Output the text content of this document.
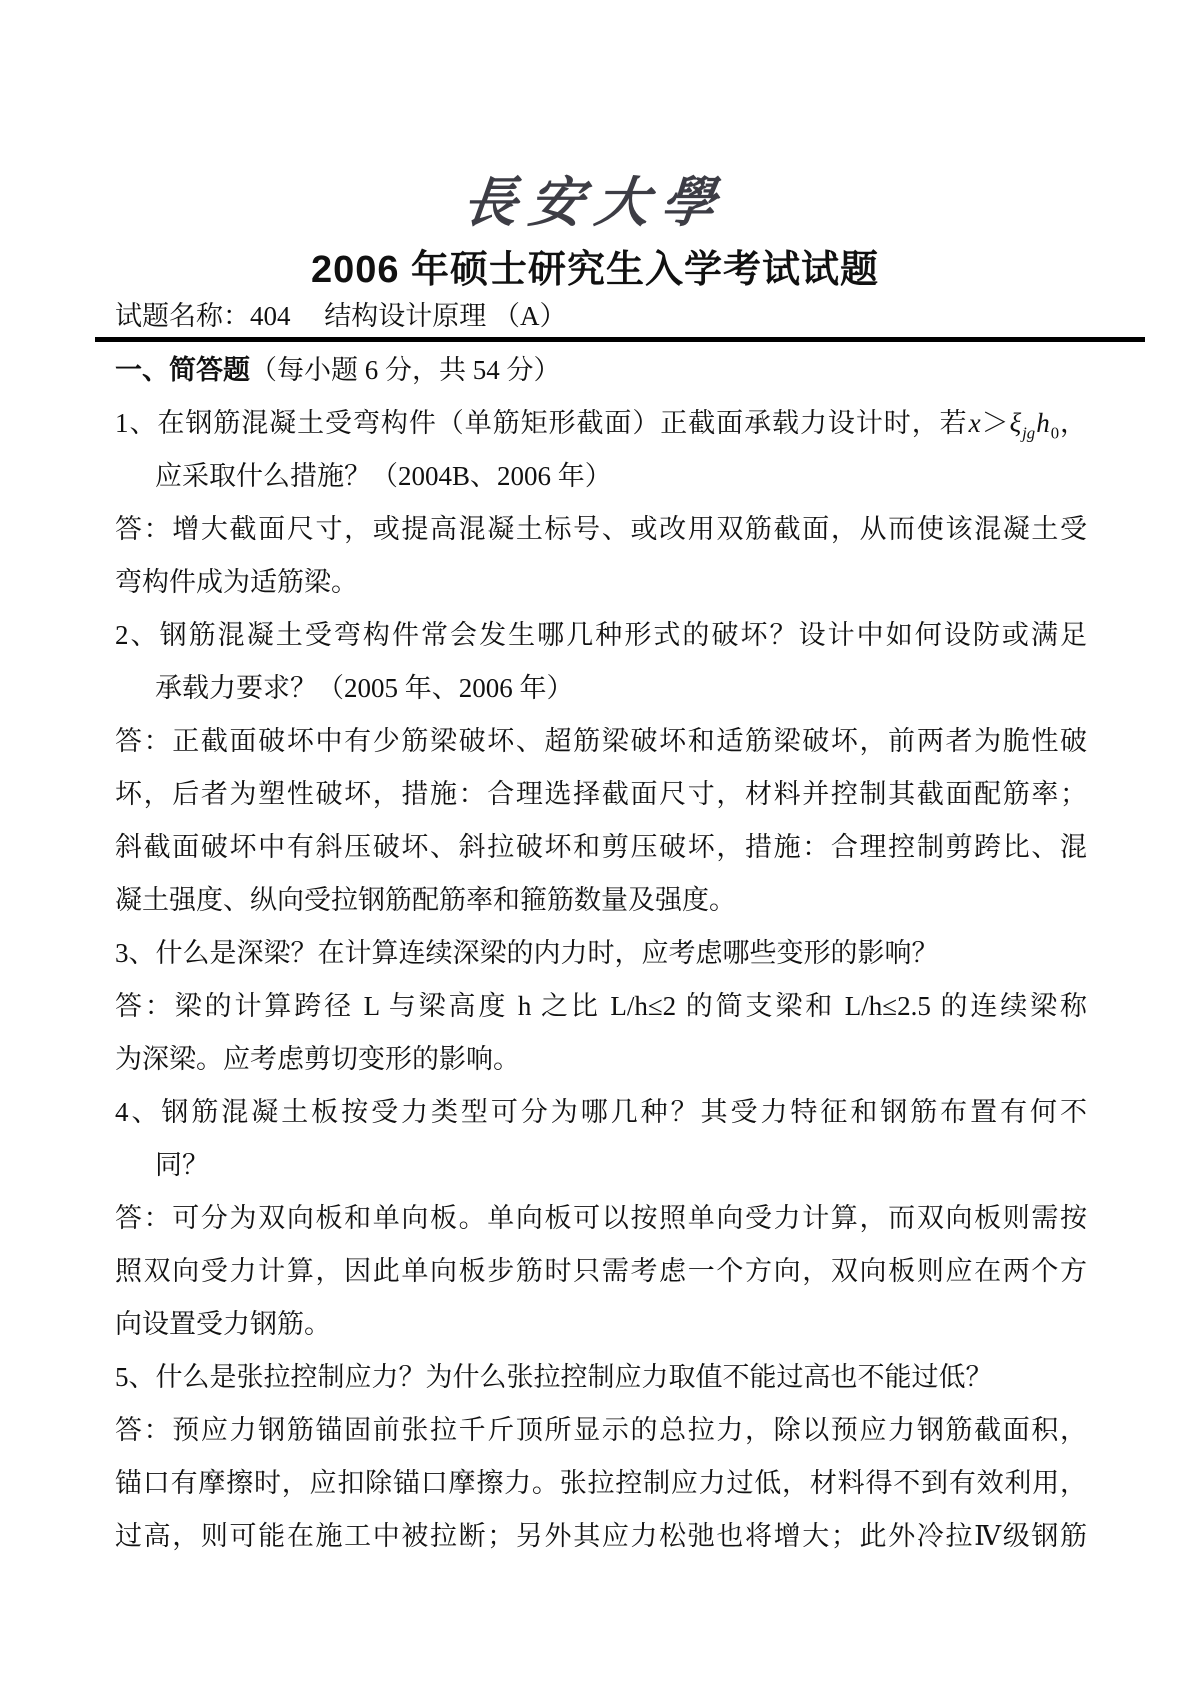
長安大學
2006 年硕士研究生入学考试试题
试题名称：404　 结构设计原理 （A）
一、简答题（每小题 6 分，共 54 分）
1、在钢筋混凝土受弯构件（单筋矩形截面）正截面承载力设计时，若$x>\xi_{jg}h_0$，
应采取什么措施？（2004B、2006 年）
答：增大截面尺寸，或提高混凝土标号、或改用双筋截面，从而使该混凝土受
弯构件成为适筋梁。
2、钢筋混凝土受弯构件常会发生哪几种形式的破坏？设计中如何设防或满足
承载力要求？（2005 年、2006 年）
答：正截面破坏中有少筋梁破坏、超筋梁破坏和适筋梁破坏，前两者为脆性破
坏，后者为塑性破坏，措施：合理选择截面尺寸，材料并控制其截面配筋率；
斜截面破坏中有斜压破坏、斜拉破坏和剪压破坏，措施：合理控制剪跨比、混
凝土强度、纵向受拉钢筋配筋率和箍筋数量及强度。
3、什么是深梁？在计算连续深梁的内力时，应考虑哪些变形的影响？
答：梁的计算跨径 L 与梁高度 h 之比 L/h≤2 的简支梁和 L/h≤2.5 的连续梁称
为深梁。应考虑剪切变形的影响。
4、钢筋混凝土板按受力类型可分为哪几种？其受力特征和钢筋布置有何不
同？
答：可分为双向板和单向板。单向板可以按照单向受力计算，而双向板则需按
照双向受力计算，因此单向板步筋时只需考虑一个方向，双向板则应在两个方
向设置受力钢筋。
5、什么是张拉控制应力？为什么张拉控制应力取值不能过高也不能过低？
答：预应力钢筋锚固前张拉千斤顶所显示的总拉力，除以预应力钢筋截面积，
锚口有摩擦时，应扣除锚口摩擦力。张拉控制应力过低，材料得不到有效利用，
过高，则可能在施工中被拉断；另外其应力松弛也将增大；此外冷拉Ⅳ级钢筋
